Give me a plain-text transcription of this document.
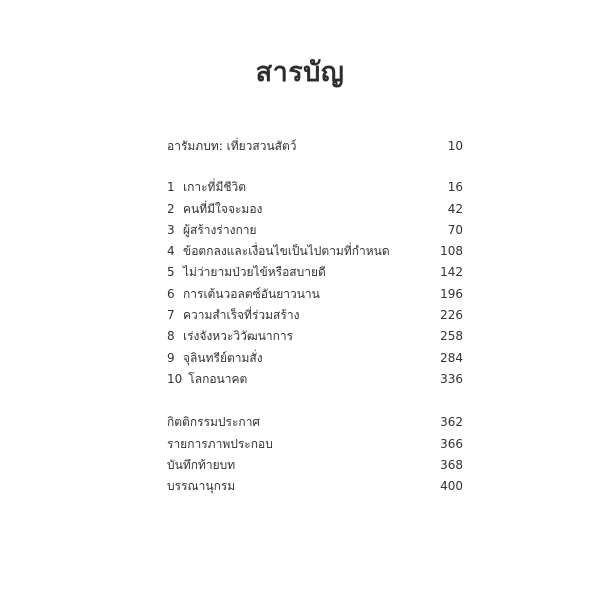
สารบัญ
อารัมภบท: เที่ยวสวนสัตว์	10
1 เกาะที่มีชีวิต	16
2 คนที่มีใจจะมอง	42
3 ผู้สร้างร่างกาย	70
4 ข้อตกลงและเงื่อนไขเป็นไปตามที่กำหนด	108
5 ไม่ว่ายามป่วยไข้หรือสบายดี	142
6 การเต้นวอลตซ์อันยาวนาน	196
7 ความสำเร็จที่ร่วมสร้าง	226
8 เร่งจังหวะวิวัฒนาการ	258
9 จุลินทรีย์ตามสั่ง	284
10 โลกอนาคต	336
กิตติกรรมประกาศ	362
รายการภาพประกอบ	366
บันทึกท้ายบท	368
บรรณานุกรม	400
